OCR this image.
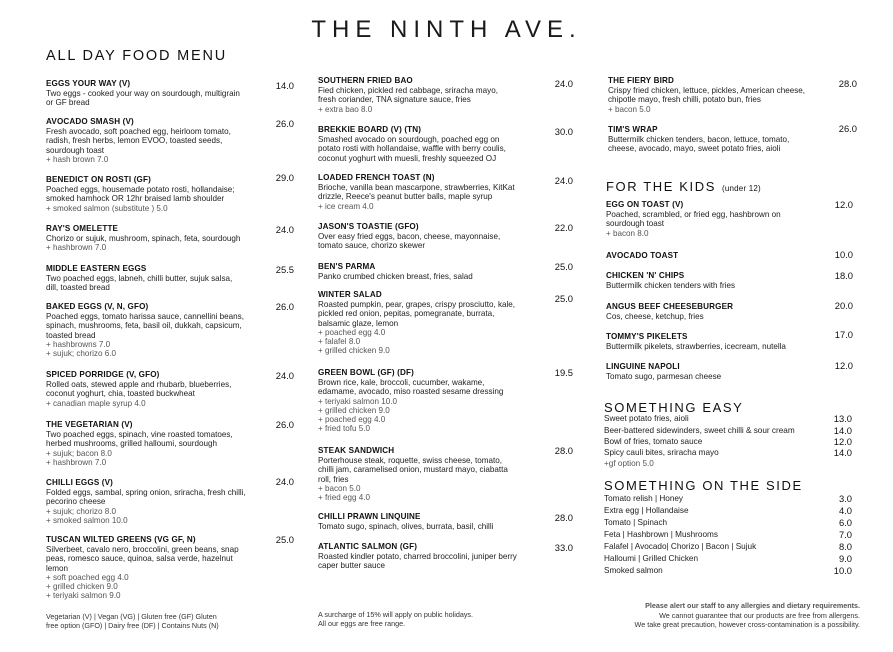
THE NINTH AVE.
ALL DAY FOOD MENU
EGGS YOUR WAY (V)
Two eggs - cooked your way on sourdough, multigrain
or GF bread
14.0
AVOCADO SMASH (V)
Fresh avocado, soft poached egg, heirloom tomato,
radish, fresh herbs, lemon EVOO, toasted seeds,
sourdough toast
+ hash brown 7.0
26.0
BENEDICT ON ROSTI (GF)
Poached eggs, housemade potato rosti, hollandaise;
smoked hamhock OR 12hr braised lamb shoulder
+ smoked salmon (substitute ) 5.0
29.0
RAY'S OMELETTE
Chorizo or sujuk, mushroom, spinach, feta, sourdough
+ hashbrown 7.0
24.0
MIDDLE EASTERN EGGS
Two poached eggs, labneh, chilli butter, sujuk salsa,
dill, toasted bread
25.5
BAKED EGGS (V, N, GFO)
Poached eggs, tomato harissa sauce, cannellini beans,
spinach, mushrooms, feta, basil oil, dukkah, capsicum,
toasted bread
+ hashbrowns 7.0
+ sujuk; chorizo 6.0
26.0
SPICED PORRIDGE (V, GFO)
Rolled oats, stewed apple and rhubarb, blueberries,
coconut yoghurt, chia, toasted buckwheat
+ canadian maple syrup 4.0
24.0
THE VEGETARIAN (V)
Two poached eggs, spinach, vine roasted tomatoes,
herbed mushrooms, grilled halloumi, sourdough
+ sujuk; bacon 8.0
+ hashbrown 7.0
26.0
CHILLI EGGS (V)
Folded eggs, sambal, spring onion, sriracha, fresh chilli,
pecorino cheese
+ sujuk; chorizo 8.0
+ smoked salmon 10.0
24.0
TUSCAN WILTED GREENS (VG GF, N)
Silverbeet, cavalo nero, broccolini, green beans, snap
peas, romesco sauce, quinoa, salsa verde, hazelnut
lemon
+ soft poached egg 4.0
+ grilled chicken 9.0
+ teriyaki salmon 9.0
25.0
SOUTHERN FRIED BAO
Fied chicken, pickled red cabbage, sriracha mayo,
fresh coriander, TNA signature sauce, fries
+ extra bao 8.0
24.0
BREKKIE BOARD (V) (TN)
Smashed avocado on sourdough, poached egg on
potato rosti with hollandaise, waffle with berry coulis,
coconut yoghurt with muesli, freshly squeezed OJ
30.0
LOADED FRENCH TOAST (N)
Brioche, vanilla bean mascarpone, strawberries, KitKat
drizzle, Reece's peanut butter balls, maple syrup
+ ice cream 4.0
24.0
JASON'S TOASTIE (GFO)
Over easy fried eggs, bacon, cheese, mayonnaise,
tomato sauce, chorizo skewer
22.0
BEN'S PARMA
Panko crumbed chicken breast, fries, salad
25.0
WINTER SALAD
Roasted pumpkin, pear, grapes, crispy prosciutto, kale,
pickled red onion, pepitas, pomegranate, burrata,
balsamic glaze, lemon
+ poached egg 4.0
+ falafel 8.0
+ grilled chicken 9.0
25.0
GREEN BOWL (GF) (DF)
Brown rice, kale, broccoli, cucumber, wakame,
edamame, avocado, miso roasted sesame dressing
+ teriyaki salmon 10.0
+ grilled chicken 9.0
+ poached egg 4.0
+ fried tofu 5.0
19.5
STEAK SANDWICH
Porterhouse steak, roquette, swiss cheese, tomato,
chilli jam, caramelised onion, mustard mayo, ciabatta
roll, fries
+ bacon 5.0
+ fried egg 4.0
28.0
CHILLI PRAWN LINQUINE
Tomato sugo, spinach, olives, burrata, basil, chilli
28.0
ATLANTIC SALMON (GF)
Roasted kindler potato, charred broccolini, juniper berry
caper butter sauce
33.0
THE FIERY BIRD
Crispy fried chicken, lettuce, pickles, American cheese,
chipotle mayo, fresh chilli, potato bun, fries
+ bacon 5.0
28.0
TIM'S WRAP
Buttermilk chicken tenders, bacon, lettuce, tomato,
cheese, avocado, mayo, sweet potato fries, aioli
26.0
FOR THE KIDS (under 12)
EGG ON TOAST (V)
Poached, scrambled, or fried egg, hashbrown on
sourdough toast
+ bacon 8.0
12.0
AVOCADO TOAST	10.0
CHICKEN 'N' CHIPS
Buttermilk chicken tenders with fries
18.0
ANGUS BEEF CHEESEBURGER
Cos, cheese, ketchup, fries
20.0
TOMMY'S PIKELETS
Buttermilk pikelets, strawberries, icecream, nutella
17.0
LINGUINE NAPOLI
Tomato sugo, parmesan cheese
12.0
SOMETHING EASY
Sweet potato fries, aioli	13.0
Beer-battered sidewinders, sweet chilli & sour cream	14.0
Bowl of fries, tomato sauce	12.0
Spicy cauli bites, sriracha mayo	14.0
+gf option 5.0
SOMETHING ON THE SIDE
Tomato relish | Honey	3.0
Extra egg | Hollandaise	4.0
Tomato | Spinach	6.0
Feta | Hashbrown | Mushrooms	7.0
Falafel | Avocado| Chorizo | Bacon | Sujuk	8.0
Halloumi | Grilled Chicken	9.0
Smoked salmon	10.0
Vegetarian (V) | Vegan (VG) | Gluten free (GF) Gluten
free option (GFO) | Dairy free (DF) | Contains Nuts (N)
A surcharge of 15% will apply on public holidays.
All our eggs are free range.
Please alert our staff to any allergies and dietary requirements.
We cannot guarantee that our products are free from allergens.
We take great precaution, however cross-contamination is a possibility.
